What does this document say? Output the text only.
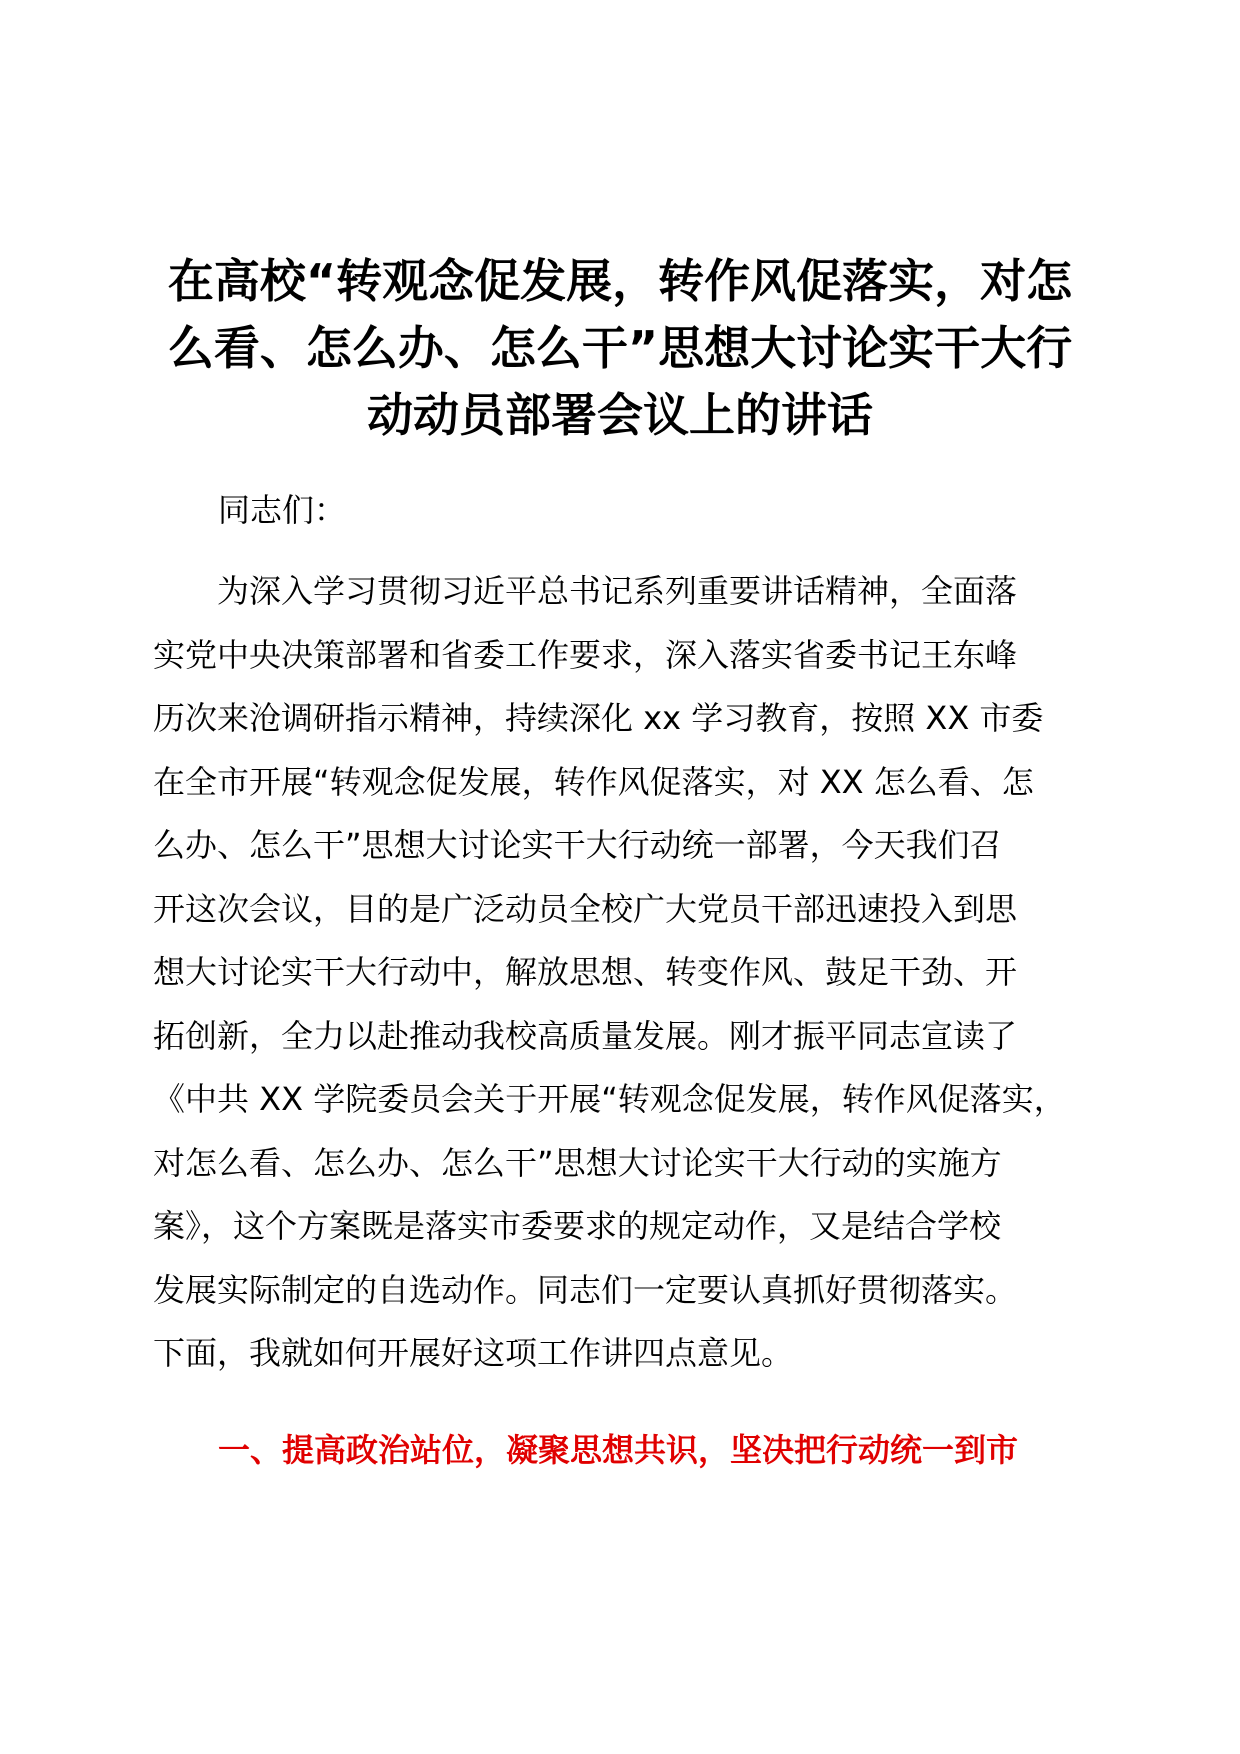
在高校“转观念促发展，转作风促落实，对怎
么看、怎么办、怎么干”思想大讨论实干大行
动动员部署会议上的讲话

同志们：

　　为深入学习贯彻习近平总书记系列重要讲话精神，全面落
实党中央决策部署和省委工作要求，深入落实省委书记王东峰
历次来沧调研指示精神，持续深化 xx 学习教育，按照 XX 市委
在全市开展“转观念促发展，转作风促落实，对 XX 怎么看、怎
么办、怎么干”思想大讨论实干大行动统一部署，今天我们召
开这次会议，目的是广泛动员全校广大党员干部迅速投入到思
想大讨论实干大行动中，解放思想、转变作风、鼓足干劲、开
拓创新，全力以赴推动我校高质量发展。刚才振平同志宣读了
《中共 XX 学院委员会关于开展“转观念促发展，转作风促落实，
对怎么看、怎么办、怎么干”思想大讨论实干大行动的实施方
案》，这个方案既是落实市委要求的规定动作，又是结合学校
发展实际制定的自选动作。同志们一定要认真抓好贯彻落实。
下面，我就如何开展好这项工作讲四点意见。
一、提高政治站位，凝聚思想共识，坚决把行动统一到市
